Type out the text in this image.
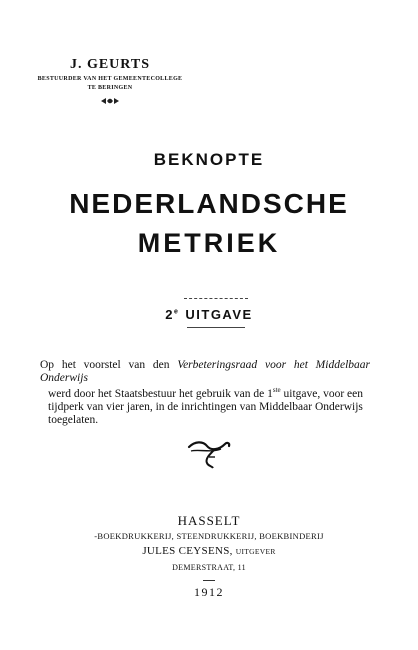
J. GEURTS
BESTUURDER VAN HET GEMEENTECOLLEGE
TE BERINGEN
BEKNOPTE
NEDERLANDSCHE
METRIEK
2e UITGAVE
Op het voorstel van den Verbeteringsraad voor het Middelbaar Onderwijs
werd door het Staatsbestuur het gebruik van de 1ste uitgave, voor een
tijdperk van vier jaren, in de inrichtingen van Middelbaar Onderwijs
toegelaten.
HASSELT
-BOEKDRUKKERIJ, STEENDRUKKERIJ, BOEKBINDERIJ
JULES CEYSENS, UITGEVER
DEMERSTRAAT, 11
1912
